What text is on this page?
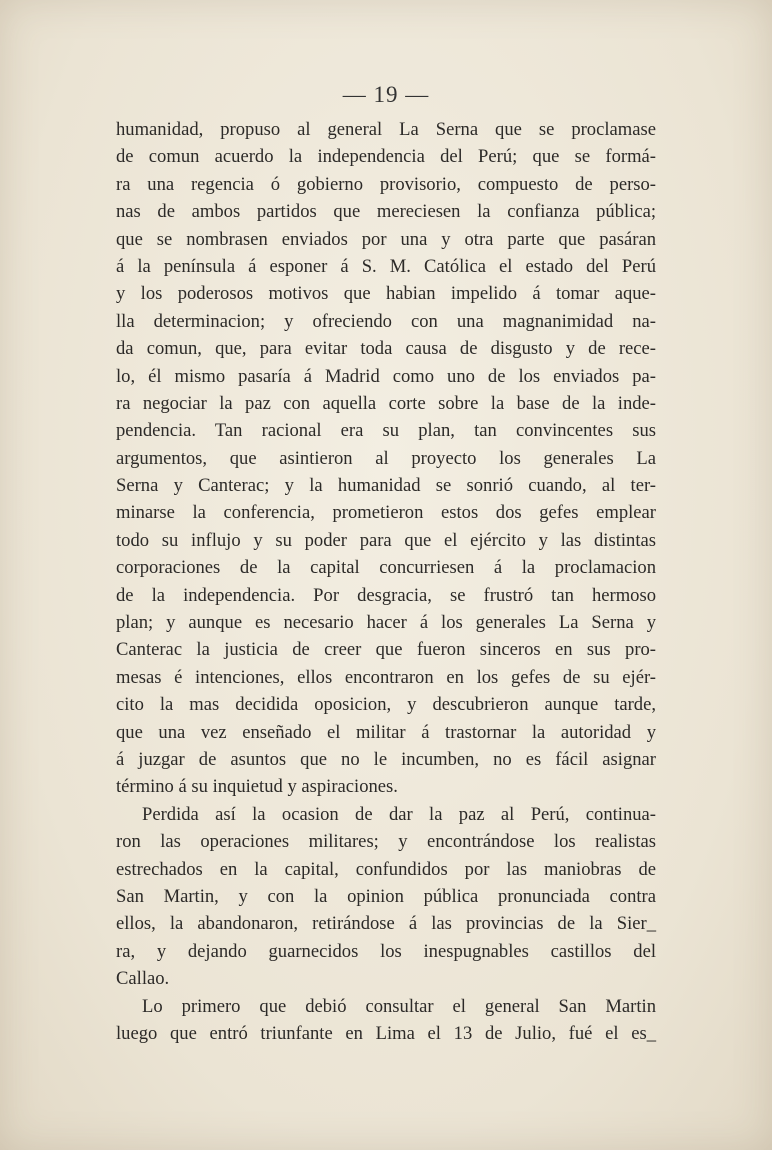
— 19 —
humanidad, propuso al general La Serna que se proclamase
de comun acuerdo la independencia del Perú; que se formá-
ra una regencia ó gobierno provisorio, compuesto de perso-
nas de ambos partidos que mereciesen la confianza pública;
que se nombrasen enviados por una y otra parte que pasáran
á la península á esponer á S. M. Católica el estado del Perú
y los poderosos motivos que habian impelido á tomar aque-
lla determinacion; y ofreciendo con una magnanimidad na-
da comun, que, para evitar toda causa de disgusto y de rece-
lo, él mismo pasaría á Madrid como uno de los enviados pa-
ra negociar la paz con aquella corte sobre la base de la inde-
pendencia. Tan racional era su plan, tan convincentes sus
argumentos, que asintieron al proyecto los generales La
Serna y Canterac; y la humanidad se sonrió cuando, al ter-
minarse la conferencia, prometieron estos dos gefes emplear
todo su influjo y su poder para que el ejército y las distintas
corporaciones de la capital concurriesen á la proclamacion
de la independencia. Por desgracia, se frustró tan hermoso
plan; y aunque es necesario hacer á los generales La Serna y
Canterac la justicia de creer que fueron sinceros en sus pro-
mesas é intenciones, ellos encontraron en los gefes de su ejér-
cito la mas decidida oposicion, y descubrieron aunque tarde,
que una vez enseñado el militar á trastornar la autoridad y
á juzgar de asuntos que no le incumben, no es fácil asignar
término á su inquietud y aspiraciones.
Perdida así la ocasion de dar la paz al Perú, continua-
ron las operaciones militares; y encontrándose los realistas
estrechados en la capital, confundidos por las maniobras de
San Martin, y con la opinion pública pronunciada contra
ellos, la abandonaron, retirándose á las provincias de la Sier_
ra, y dejando guarnecidos los inespugnables castillos del
Callao.
Lo primero que debió consultar el general San Martin
luego que entró triunfante en Lima el 13 de Julio, fué el es_
